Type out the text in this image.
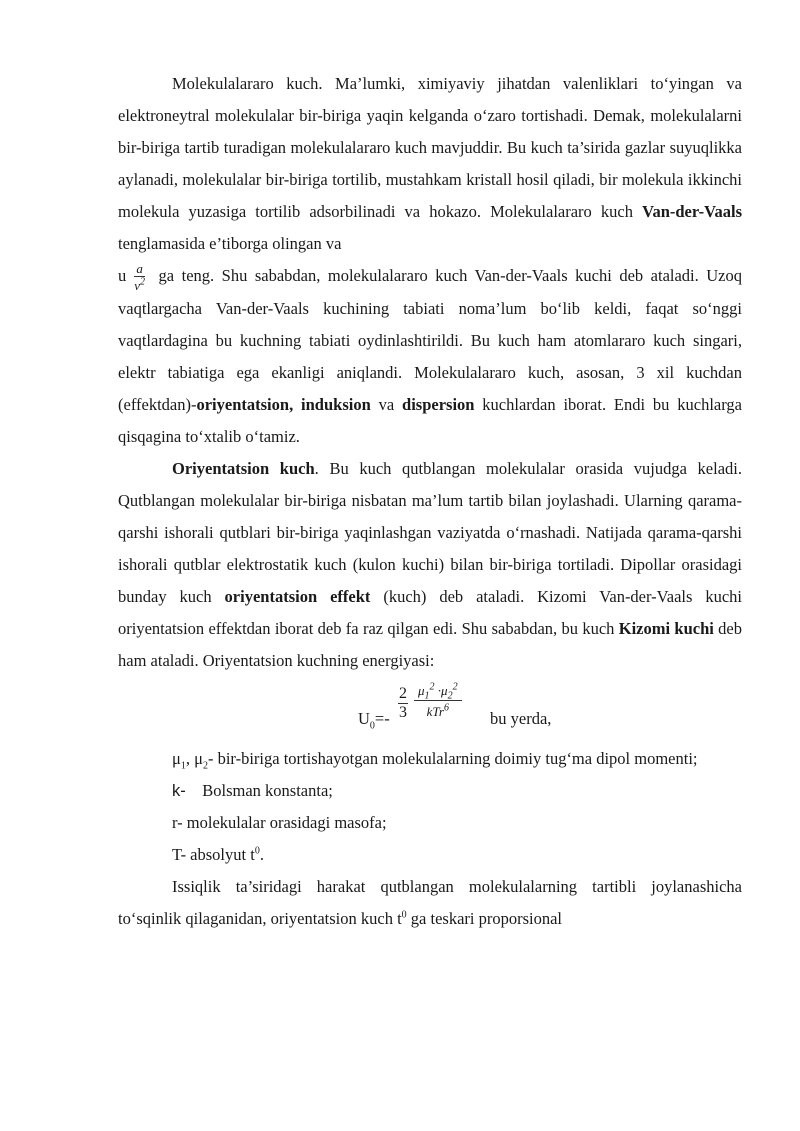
Molekulalararo kuch. Ma’lumki, ximiyaviy jihatdan valenliklari to‘yingan va elektroneytral molekulalar bir-biriga yaqin kelganda o‘zaro tortishadi. Demak, molekulalarni bir-biriga tartib turadigan molekulalararo kuch mavjuddir. Bu kuch ta’sirida gazlar suyuqlikka aylanadi, molekulalar bir-biriga tortilib, mustahkam kristall hosil qiladi, bir molekula ikkinchi molekula yuzasiga tortilib adsorbilinadi va hokazo. Molekulalararo kuch Van-der-Vaals tenglamasida e’tiborga olingan va

u $\frac{a}{v^2}$ ga teng. Shu sababdan, molekulalararo kuch Van-der-Vaals kuchi deb ataladi. Uzoq vaqtlargacha Van-der-Vaals kuchining tabiati noma’lum bo‘lib keldi, faqat so‘nggi vaqtlardagina bu kuchning tabiati oydinlashtirildi. Bu kuch ham atomlararo kuch singari, elektr tabiatiga ega ekanligi aniqlandi. Molekulalararo kuch, asosan, 3 xil kuchdan (effektdan)-oriyentatsion, induksion va dispersion kuchlardan iborat. Endi bu kuchlarga qisqagina to‘xtalib o‘tamiz.

Oriyentatsion kuch. Bu kuch qutblangan molekulalar orasida vujudga keladi. Qutblangan molekulalar bir-biriga nisbatan ma’lum tartib bilan joylashadi. Ularning qarama-qarshi ishorali qutblari bir-biriga yaqinlashgan vaziyatda o‘rnashadi. Natijada qarama-qarshi ishorali qutblar elektrostatik kuch (kulon kuchi) bilan bir-biriga tortiladi. Dipollar orasidagi bunday kuch oriyentatsion effekt (kuch) deb ataladi. Kizomi Van-der-Vaals kuchi oriyentatsion effektdan iborat deb fa raz qilgan edi. Shu sababdan, bu kuch Kizomi kuchi deb ham ataladi. Oriyentatsion kuchning energiyasi:

$U_0=- \frac{2}{3} \mu_1^2 \cdot\mu_2^2$
kTr$^6$
bu yerda,

$\mu_1$, $\mu_2-$ bir-biriga tortishayotgan molekulalarning doimiy tug‘ma dipol momenti;

k- Bolsman konstanta;

r- molekulalar orasidagi masofa;

T- absolyut $t^0$.

Issiqlik ta’siridagi harakat qutblangan molekulalarning tartibli joylanashicha to‘sqinlik qilaganidan, oriyentatsion kuch $t^0$ ga teskari proporsional
